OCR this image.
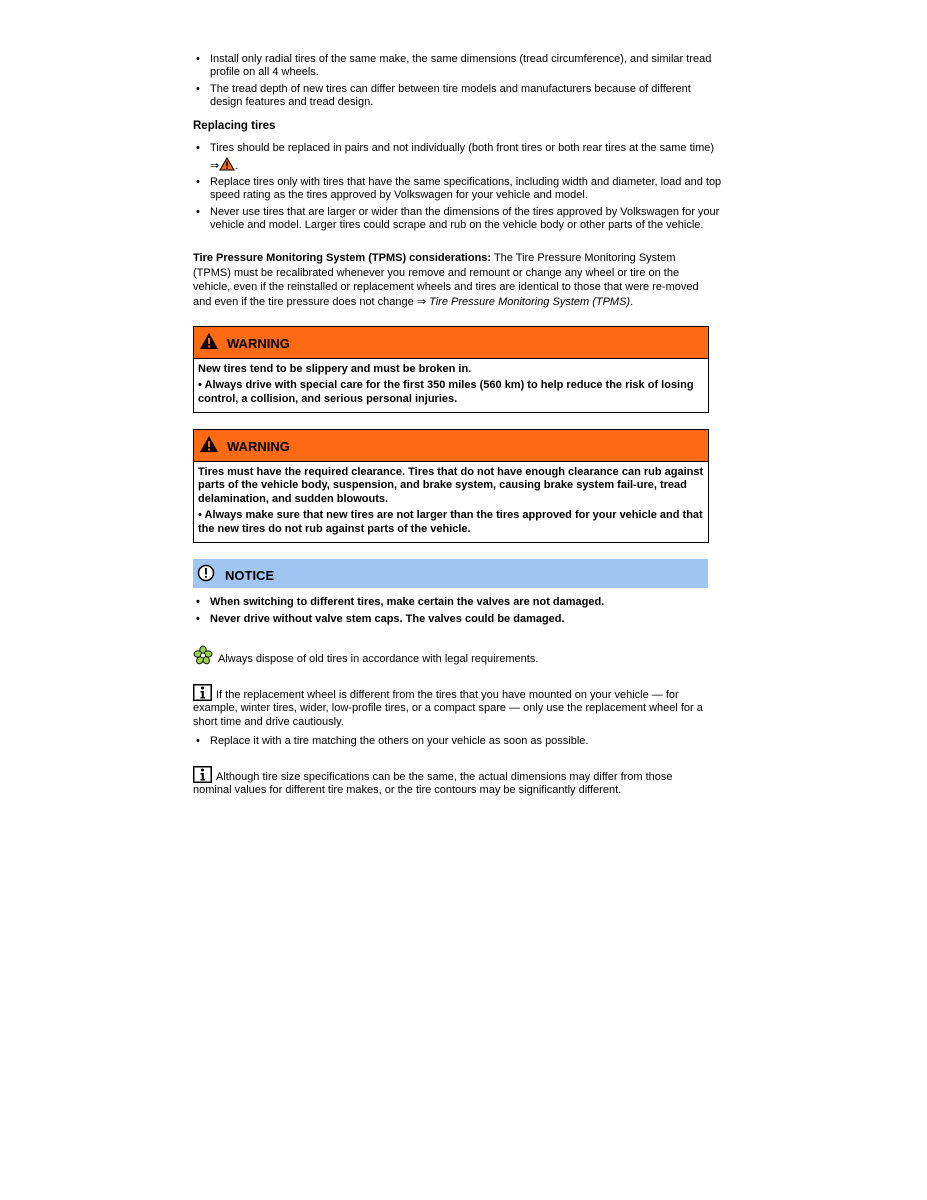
• Install only radial tires of the same make, the same dimensions (tread circumference), and similar tread profile on all 4 wheels.

• The tread depth of new tires can differ between tire models and manufacturers because of different design features and tread design.

Replacing tires

• Tires should be replaced in pairs and not individually (both front tires or both rear tires at the same time) ⇒ .

• Replace tires only with tires that have the same specifications, including width and diameter, load and top speed rating as the tires approved by Volkswagen for your vehicle and model.

• Never use tires that are larger or wider than the dimensions of the tires approved by Volkswagen for your vehicle and model. Larger tires could scrape and rub on the vehicle body or other parts of the vehicle.

Tire Pressure Monitoring System (TPMS) considerations: The Tire Pressure Monitoring System (TPMS) must be recalibrated whenever you remove and remount or change any wheel or tire on the vehicle, even if the reinstalled or replacement wheels and tires are identical to those that were re-moved and even if the tire pressure does not change ⇒ Tire Pressure Monitoring System (TPMS).

WARNING

New tires tend to be slippery and must be broken in.

• Always drive with special care for the first 350 miles (560 km) to help reduce the risk of losing control, a collision, and serious personal injuries.

WARNING

Tires must have the required clearance. Tires that do not have enough clearance can rub against parts of the vehicle body, suspension, and brake system, causing brake system fail-ure, tread delamination, and sudden blowouts.

• Always make sure that new tires are not larger than the tires approved for your vehicle and that the new tires do not rub against parts of the vehicle.

NOTICE

• When switching to different tires, make certain the valves are not damaged.

• Never drive without valve stem caps. The valves could be damaged.

Always dispose of old tires in accordance with legal requirements.

If the replacement wheel is different from the tires that you have mounted on your vehicle — for example, winter tires, wider, low-profile tires, or a compact spare — only use the replacement wheel for a short time and drive cautiously.

• Replace it with a tire matching the others on your vehicle as soon as possible.

Although tire size specifications can be the same, the actual dimensions may differ from those nominal values for different tire makes, or the tire contours may be significantly different.
